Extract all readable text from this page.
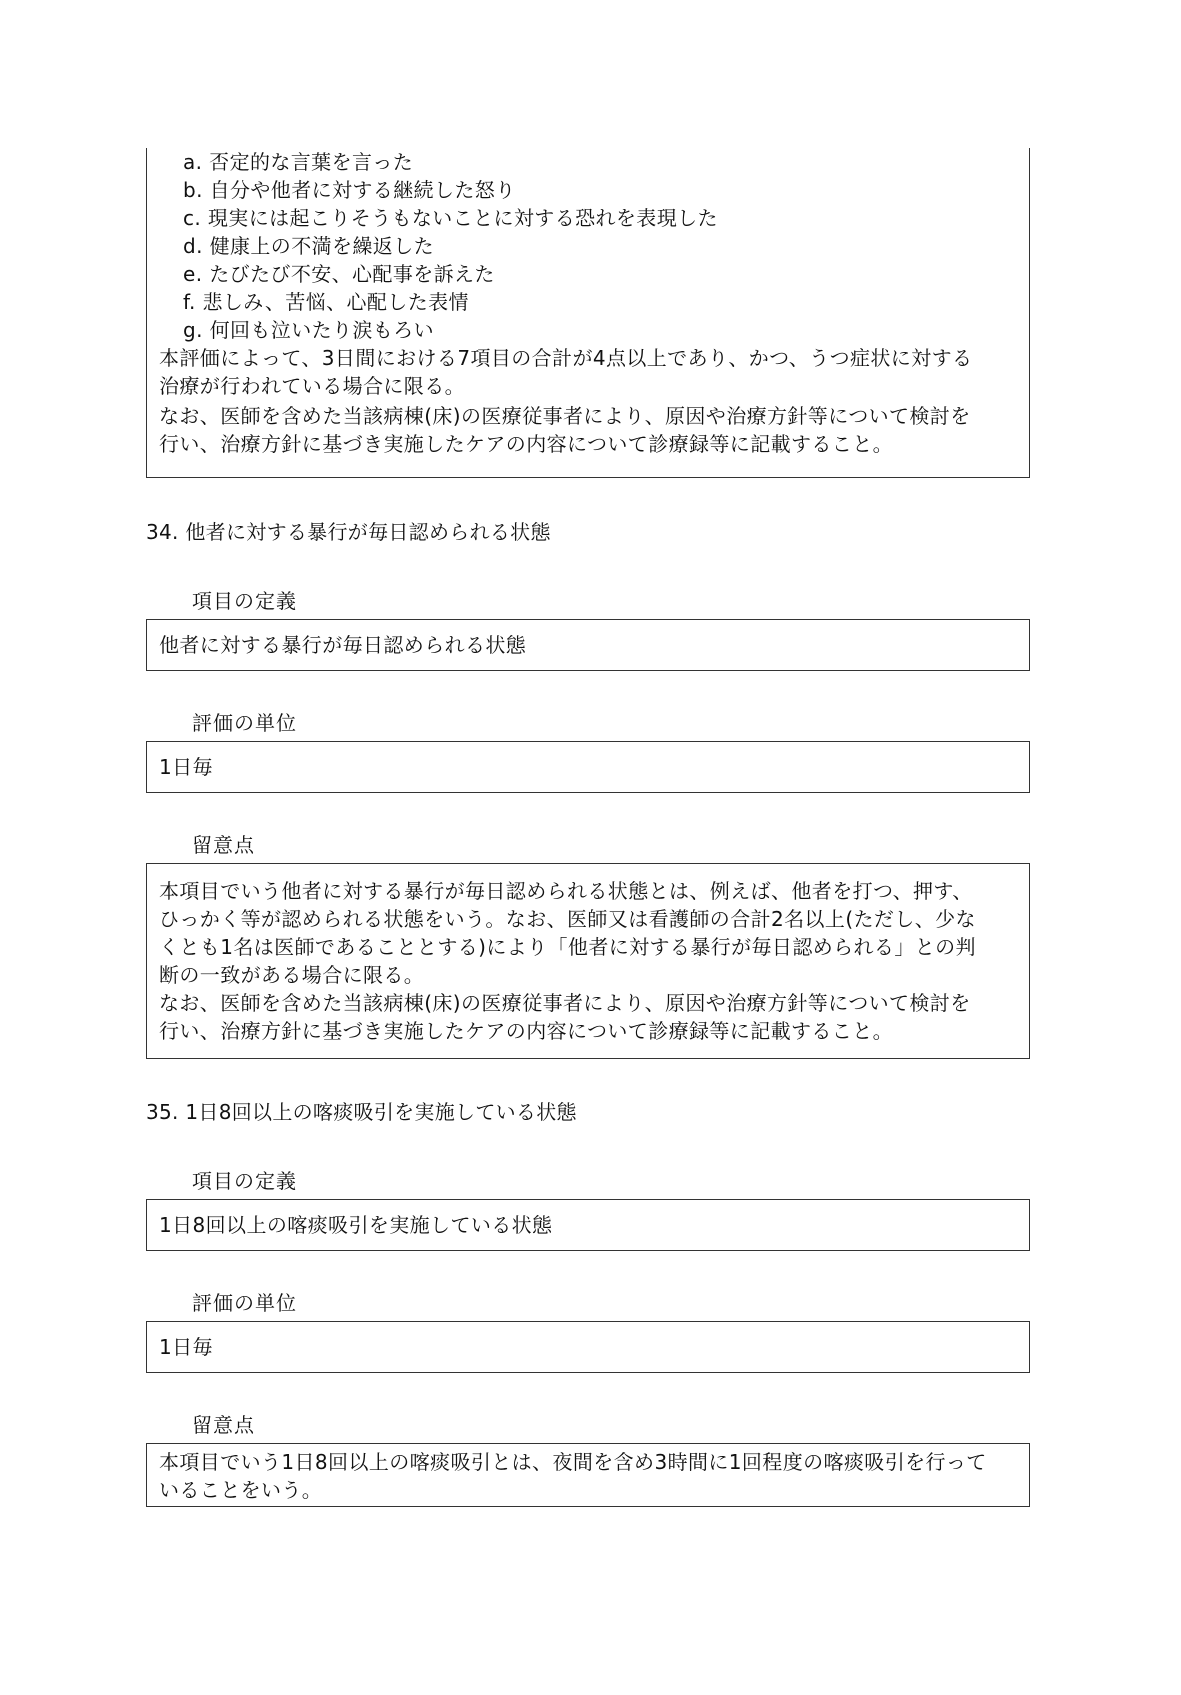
a. 否定的な言葉を言った
b. 自分や他者に対する継続した怒り
c. 現実には起こりそうもないことに対する恐れを表現した
d. 健康上の不満を繰返した
e. たびたび不安、心配事を訴えた
f. 悲しみ、苦悩、心配した表情
g. 何回も泣いたり涙もろい
本評価によって、3日間における7項目の合計が4点以上であり、かつ、うつ症状に対する
治療が行われている場合に限る。
なお、医師を含めた当該病棟(床)の医療従事者により、原因や治療方針等について検討を
行い、治療方針に基づき実施したケアの内容について診療録等に記載すること。
34. 他者に対する暴行が毎日認められる状態
項目の定義
他者に対する暴行が毎日認められる状態
評価の単位
1日毎
留意点
本項目でいう他者に対する暴行が毎日認められる状態とは、例えば、他者を打つ、押す、
ひっかく等が認められる状態をいう。なお、医師又は看護師の合計2名以上(ただし、少な
くとも1名は医師であることとする)により「他者に対する暴行が毎日認められる」との判
断の一致がある場合に限る。
なお、医師を含めた当該病棟(床)の医療従事者により、原因や治療方針等について検討を
行い、治療方針に基づき実施したケアの内容について診療録等に記載すること。
35. 1日8回以上の喀痰吸引を実施している状態
項目の定義
1日8回以上の喀痰吸引を実施している状態
評価の単位
1日毎
留意点
本項目でいう1日8回以上の喀痰吸引とは、夜間を含め3時間に1回程度の喀痰吸引を行って
いることをいう。
